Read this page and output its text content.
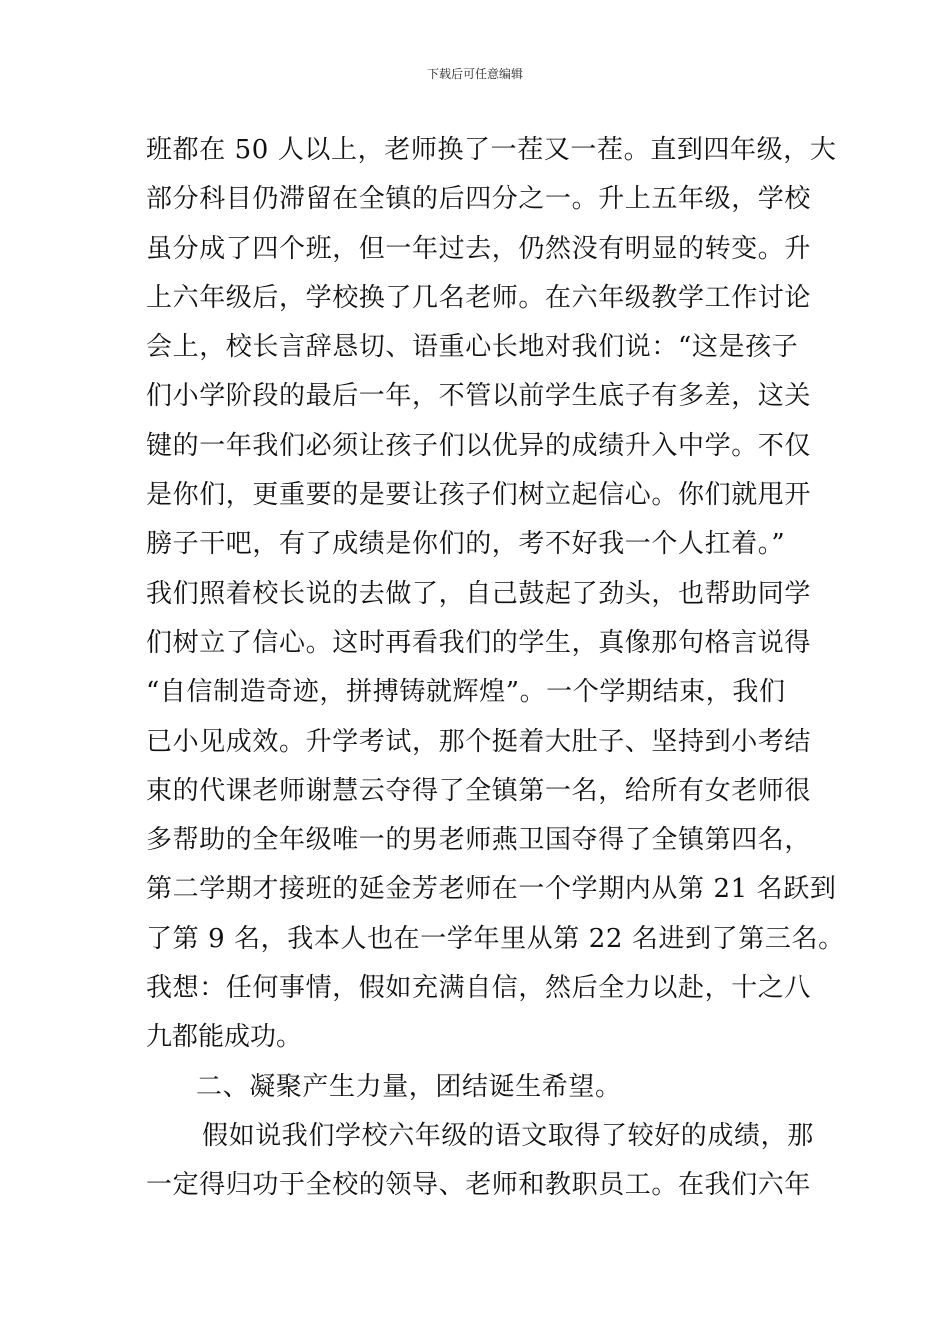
下载后可任意编辑
班都在 50 人以上，老师换了一茬又一茬。直到四年级，大
部分科目仍滞留在全镇的后四分之一。升上五年级，学校
虽分成了四个班，但一年过去，仍然没有明显的转变。升
上六年级后，学校换了几名老师。在六年级教学工作讨论
会上，校长言辞恳切、语重心长地对我们说：“这是孩子
们小学阶段的最后一年，不管以前学生底子有多差，这关
键的一年我们必须让孩子们以优异的成绩升入中学。不仅
是你们，更重要的是要让孩子们树立起信心。你们就甩开
膀子干吧，有了成绩是你们的，考不好我一个人扛着。”
我们照着校长说的去做了，自己鼓起了劲头，也帮助同学
们树立了信心。这时再看我们的学生，真像那句格言说得
“自信制造奇迹，拼搏铸就辉煌”。一个学期结束，我们
已小见成效。升学考试，那个挺着大肚子、坚持到小考结
束的代课老师谢慧云夺得了全镇第一名，给所有女老师很
多帮助的全年级唯一的男老师燕卫国夺得了全镇第四名，
第二学期才接班的延金芳老师在一个学期内从第 21 名跃到
了第 9 名，我本人也在一学年里从第 22 名进到了第三名。
我想：任何事情，假如充满自信，然后全力以赴，十之八
九都能成功。
二、凝聚产生力量，团结诞生希望。
假如说我们学校六年级的语文取得了较好的成绩，那
一定得归功于全校的领导、老师和教职员工。在我们六年
